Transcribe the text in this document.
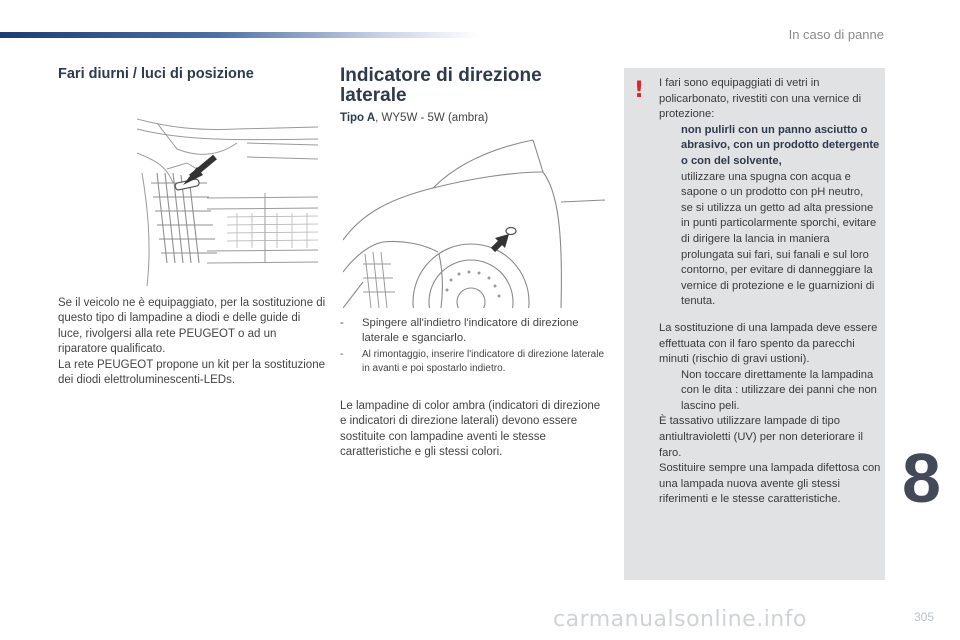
In caso di panne
8
305
carmanualsonline.info
Fari diurni / luci di posizione

Se il veicolo ne è equipaggiato, per la sostituzione di questo tipo di lampadine a diodi e delle guide di luce, rivolgersi alla rete PEUGEOT o ad un riparatore qualificato.

La rete PEUGEOT propone un kit per la sostituzione dei diodi elettroluminescenti-LEDs.

Indicatore di direzione laterale
Tipo A, WY5W - 5W (ambra)
- Spingere all'indietro l'indicatore di direzione laterale e sganciarlo.
- Al rimontaggio, inserire l'indicatore di direzione laterale in avanti e poi spostarlo indietro.

Le lampadine di color ambra (indicatori di direzione e indicatori di direzione laterali) devono essere sostituite con lampadine aventi le stesse caratteristiche e gli stessi colori.

! I fari sono equipaggiati di vetri in policarbonato, rivestiti con una vernice di protezione:

non pulirli con un panno asciutto o abrasivo, con un prodotto detergente o con del solvente,
utilizzare una spugna con acqua e sapone o un prodotto con pH neutro,
se si utilizza un getto ad alta pressione in punti particolarmente sporchi, evitare di dirigere la lancia in maniera prolungata sui fari, sui fanali e sul loro contorno, per evitare di danneggiare la vernice di protezione e le guarnizioni di tenuta.

La sostituzione di una lampada deve essere effettuata con il faro spento da parecchi minuti (rischio di gravi ustioni).

Non toccare direttamente la lampadina con le dita : utilizzare dei panni che non lascino peli.

È tassativo utilizzare lampade di tipo antiultravioletti (UV) per non deteriorare il faro.

Sostituire sempre una lampada difettosa con una lampada nuova avente gli stessi riferimenti e le stesse caratteristiche.
